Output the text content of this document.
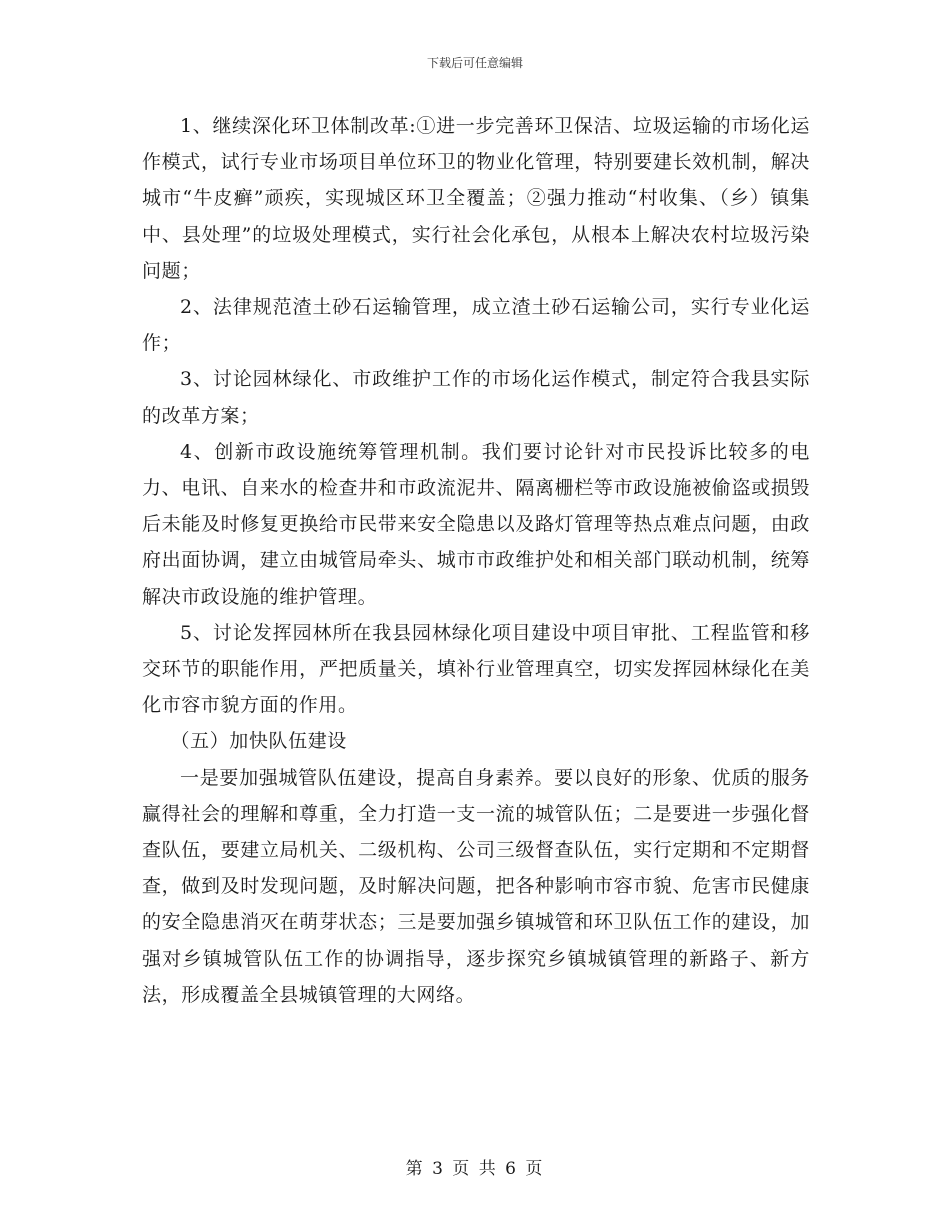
下载后可任意编辑

1、继续深化环卫体制改革:①进一步完善环卫保洁、垃圾运输的市场化运作模式，试行专业市场项目单位环卫的物业化管理，特别要建长效机制，解决城市“牛皮癣”顽疾，实现城区环卫全覆盖；②强力推动“村收集、（乡）镇集中、县处理”的垃圾处理模式，实行社会化承包，从根本上解决农村垃圾污染问题；

2、法律规范渣土砂石运输管理，成立渣土砂石运输公司，实行专业化运作；

3、讨论园林绿化、市政维护工作的市场化运作模式，制定符合我县实际的改革方案；

4、创新市政设施统筹管理机制。我们要讨论针对市民投诉比较多的电力、电讯、自来水的检查井和市政流泥井、隔离栅栏等市政设施被偷盗或损毁后未能及时修复更换给市民带来安全隐患以及路灯管理等热点难点问题，由政府出面协调，建立由城管局牵头、城市市政维护处和相关部门联动机制，统筹解决市政设施的维护管理。

5、讨论发挥园林所在我县园林绿化项目建设中项目审批、工程监管和移交环节的职能作用，严把质量关，填补行业管理真空，切实发挥园林绿化在美化市容市貌方面的作用。

（五）加快队伍建设

一是要加强城管队伍建设，提高自身素养。要以良好的形象、优质的服务赢得社会的理解和尊重，全力打造一支一流的城管队伍；二是要进一步强化督查队伍，要建立局机关、二级机构、公司三级督查队伍，实行定期和不定期督查，做到及时发现问题，及时解决问题，把各种影响市容市貌、危害市民健康的安全隐患消灭在萌芽状态；三是要加强乡镇城管和环卫队伍工作的建设，加强对乡镇城管队伍工作的协调指导，逐步探究乡镇城镇管理的新路子、新方法，形成覆盖全县城镇管理的大网络。

第 3 页 共 6 页
